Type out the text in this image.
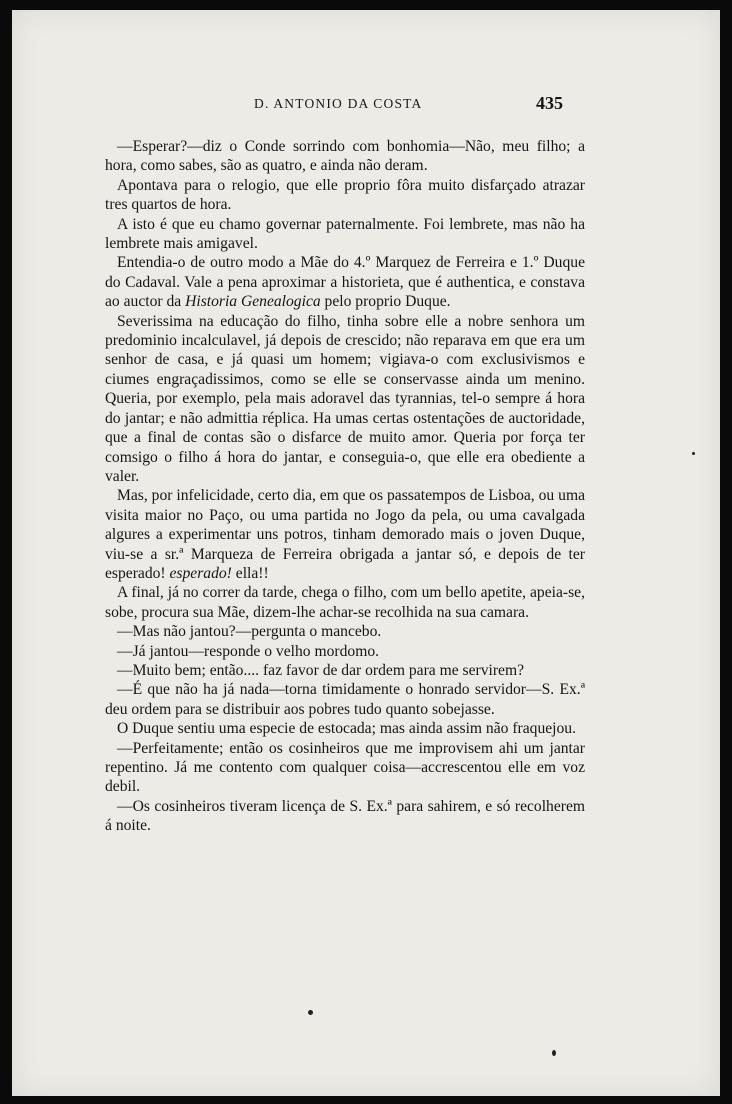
D. ANTONIO DA COSTA	435

—Esperar?—diz o Conde sorrindo com bonhomia—Não, meu filho; a hora, como sabes, são as quatro, e ainda não deram.

Apontava para o relogio, que elle proprio fôra muito disfarçado atrazar tres quartos de hora.

A isto é que eu chamo governar paternalmente. Foi lembrete, mas não ha lembrete mais amigavel.

Entendia-o de outro modo a Mãe do 4.º Marquez de Ferreira e 1.º Duque do Cadaval. Vale a pena aproximar a historieta, que é authentica, e constava ao auctor da Historia Genealogica pelo proprio Duque.

Severissima na educação do filho, tinha sobre elle a nobre senhora um predominio incalculavel, já depois de crescido; não reparava em que era um senhor de casa, e já quasi um homem; vigiava-o com exclusivismos e ciumes engraçadissimos, como se elle se conservasse ainda um menino. Queria, por exemplo, pela mais adoravel das tyrannias, tel-o sempre á hora do jantar; e não admittia réplica. Ha umas certas ostentações de auctoridade, que a final de contas são o disfarce de muito amor. Queria por força ter comsigo o filho á hora do jantar, e conseguia-o, que elle era obediente a valer.

Mas, por infelicidade, certo dia, em que os passatempos de Lisboa, ou uma visita maior no Paço, ou uma partida no Jogo da pela, ou uma cavalgada algures a experimentar uns potros, tinham demorado mais o joven Duque, viu-se a sr.ª Marqueza de Ferreira obrigada a jantar só, e depois de ter esperado! esperado! ella!!

A final, já no correr da tarde, chega o filho, com um bello apetite, apeia-se, sobe, procura sua Mãe, dizem-lhe achar-se recolhida na sua camara.

—Mas não jantou?—pergunta o mancebo.

—Já jantou—responde o velho mordomo.

—Muito bem; então.... faz favor de dar ordem para me servirem?

—É que não ha já nada—torna timidamente o honrado servidor—S. Ex.ª deu ordem para se distribuir aos pobres tudo quanto sobejasse.

O Duque sentiu uma especie de estocada; mas ainda assim não fraquejou.

—Perfeitamente; então os cosinheiros que me improvisem ahi um jantar repentino. Já me contento com qualquer coisa—accrescentou elle em voz debil.

—Os cosinheiros tiveram licença de S. Ex.ª para sahirem, e só recolherem á noite.
